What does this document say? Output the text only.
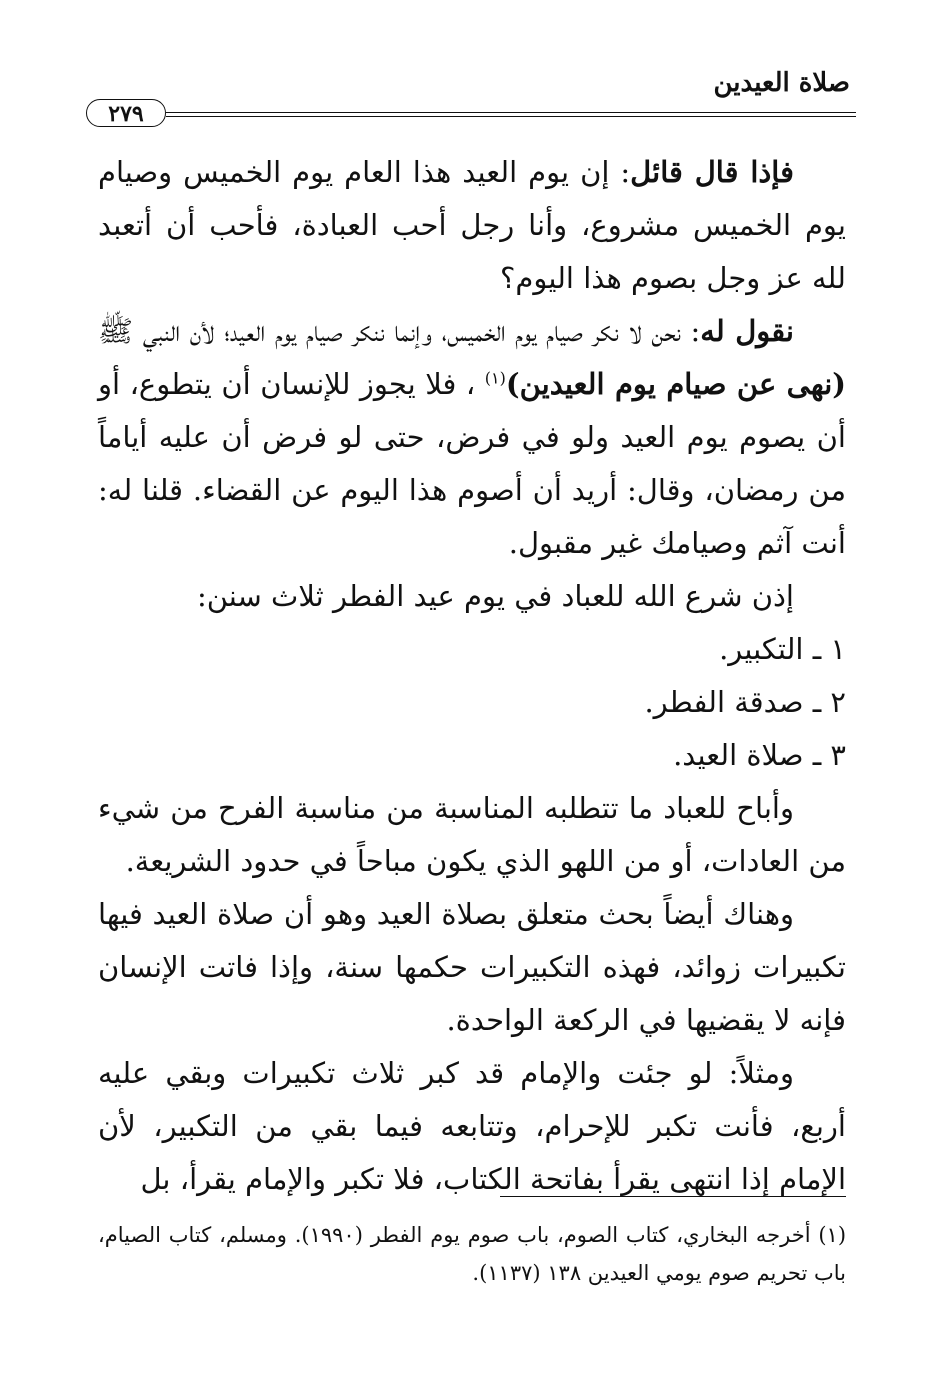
صلاة العيدين
٢٧٩

فإذا قال قائل: إن يوم العيد هذا العام يوم الخميس وصيام يوم الخميس مشروع، وأنا رجل أحب العبادة، فأحب أن أتعبد لله عز وجل بصوم هذا اليوم؟

نقول له: نحن لا نكر صيام يوم الخميس، وإنما ننكر صيام يوم العيد؛ لأن النبي ﷺ (نهى عن صيام يوم العيدين)$^{(١)}$ ، فلا يجوز للإنسان أن يتطوع، أو أن يصوم يوم العيد ولو في فرض، حتى لو فرض أن عليه أياماً من رمضان، وقال: أريد أن أصوم هذا اليوم عن القضاء. قلنا له: أنت آثم وصيامك غير مقبول.

إذن شرع الله للعباد في يوم عيد الفطر ثلاث سنن:

١ ـ التكبير.

٢ ـ صدقة الفطر.

٣ ـ صلاة العيد.

وأباح للعباد ما تتطلبه المناسبة من مناسبة الفرح من شيء من العادات، أو من اللهو الذي يكون مباحاً في حدود الشريعة.

وهناك أيضاً بحث متعلق بصلاة العيد وهو أن صلاة العيد فيها تكبيرات زوائد، فهذه التكبيرات حكمها سنة، وإذا فاتت الإنسان فإنه لا يقضيها في الركعة الواحدة.

ومثلاً: لو جئت والإمام قد كبر ثلاث تكبيرات وبقي عليه أربع، فأنت تكبر للإحرام، وتتابعه فيما بقي من التكبير، لأن الإمام إذا انتهى يقرأ بفاتحة الكتاب، فلا تكبر والإمام يقرأ، بل

(١) أخرجه البخاري، كتاب الصوم، باب صوم يوم الفطر (١٩٩٠). ومسلم، كتاب الصيام، باب تحريم صوم يومي العيدين ١٣٨ (١١٣٧).
